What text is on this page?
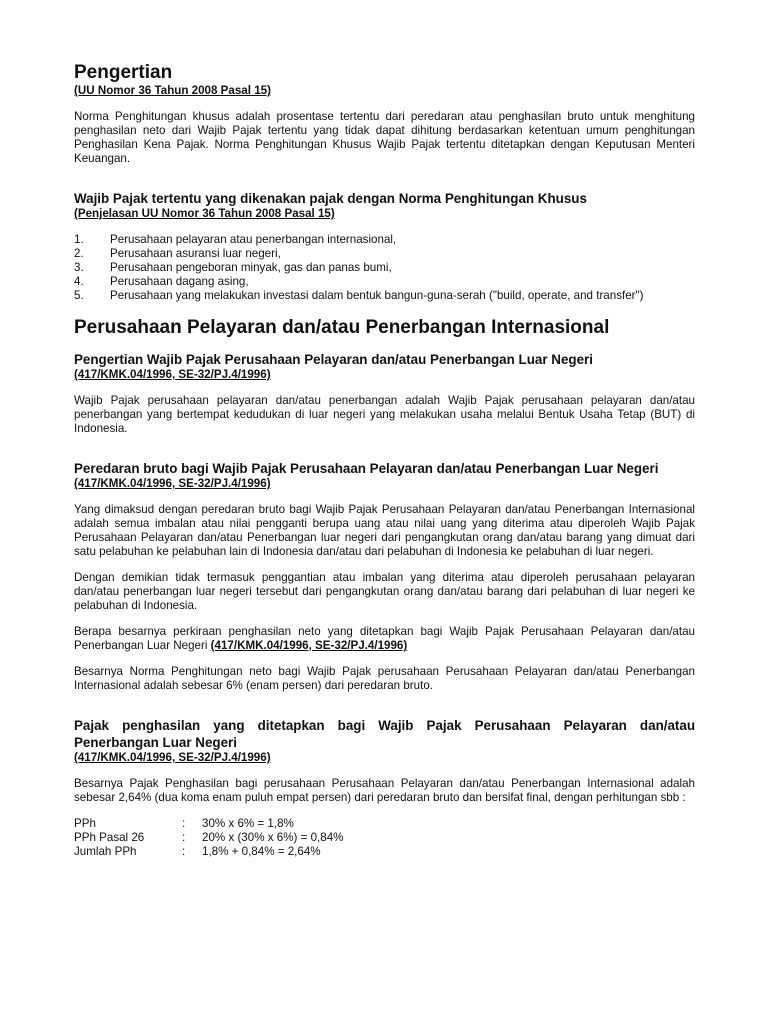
Pengertian
(UU Nomor 36 Tahun 2008 Pasal 15)

Norma Penghitungan khusus adalah prosentase tertentu dari peredaran atau penghasilan bruto untuk menghitung penghasilan neto dari Wajib Pajak tertentu yang tidak dapat dihitung berdasarkan ketentuan umum penghitungan Penghasilan Kena Pajak. Norma Penghitungan Khusus Wajib Pajak tertentu ditetapkan dengan Keputusan Menteri Keuangan.

Wajib Pajak tertentu yang dikenakan pajak dengan Norma Penghitungan Khusus
(Penjelasan UU Nomor 36 Tahun 2008 Pasal 15)
1.	Perusahaan pelayaran atau penerbangan internasional,
2.	Perusahaan asuransi luar negeri,
3.	Perusahaan pengeboran minyak, gas dan panas bumi,
4.	Perusahaan dagang asing,
5.	Perusahaan yang melakukan investasi dalam bentuk bangun-guna-serah ("build, operate, and transfer")
Perusahaan Pelayaran dan/atau Penerbangan Internasional
Pengertian Wajib Pajak Perusahaan Pelayaran dan/atau Penerbangan Luar Negeri
(417/KMK.04/1996, SE-32/PJ.4/1996)

Wajib Pajak perusahaan pelayaran dan/atau penerbangan adalah Wajib Pajak perusahaan pelayaran dan/atau penerbangan yang bertempat kedudukan di luar negeri yang melakukan usaha melalui Bentuk Usaha Tetap (BUT) di Indonesia.

Peredaran bruto bagi Wajib Pajak Perusahaan Pelayaran dan/atau Penerbangan Luar Negeri
(417/KMK.04/1996, SE-32/PJ.4/1996)

Yang dimaksud dengan peredaran bruto bagi Wajib Pajak Perusahaan Pelayaran dan/atau Penerbangan Internasional adalah semua imbalan atau nilai pengganti berupa uang atau nilai uang yang diterima atau diperoleh Wajib Pajak Perusahaan Pelayaran dan/atau Penerbangan luar negeri dari pengangkutan orang dan/atau barang yang dimuat dari satu pelabuhan ke pelabuhan lain di Indonesia dan/atau dari pelabuhan di Indonesia ke pelabuhan di luar negeri.

Dengan demikian tidak termasuk penggantian atau imbalan yang diterima atau diperoleh perusahaan pelayaran dan/atau penerbangan luar negeri tersebut dari pengangkutan orang dan/atau barang dari pelabuhan di luar negeri ke pelabuhan di Indonesia.

Berapa besarnya perkiraan penghasilan neto yang ditetapkan bagi Wajib Pajak Perusahaan Pelayaran dan/atau Penerbangan Luar Negeri (417/KMK.04/1996, SE-32/PJ.4/1996)

Besarnya Norma Penghitungan neto bagi Wajib Pajak perusahaan Perusahaan Pelayaran dan/atau Penerbangan Internasional adalah sebesar 6% (enam persen) dari peredaran bruto.

Pajak penghasilan yang ditetapkan bagi Wajib Pajak Perusahaan Pelayaran dan/atau Penerbangan Luar Negeri
(417/KMK.04/1996, SE-32/PJ.4/1996)

Besarnya Pajak Penghasilan bagi perusahaan Perusahaan Pelayaran dan/atau Penerbangan Internasional adalah sebesar 2,64% (dua koma enam puluh empat persen) dari peredaran bruto dan bersifat final, dengan perhitungan sbb :

PPh	:	30% x 6% = 1,8%
PPh Pasal 26	:	20% x (30% x 6%) = 0,84%
Jumlah PPh	:	1,8% + 0,84% = 2,64%
